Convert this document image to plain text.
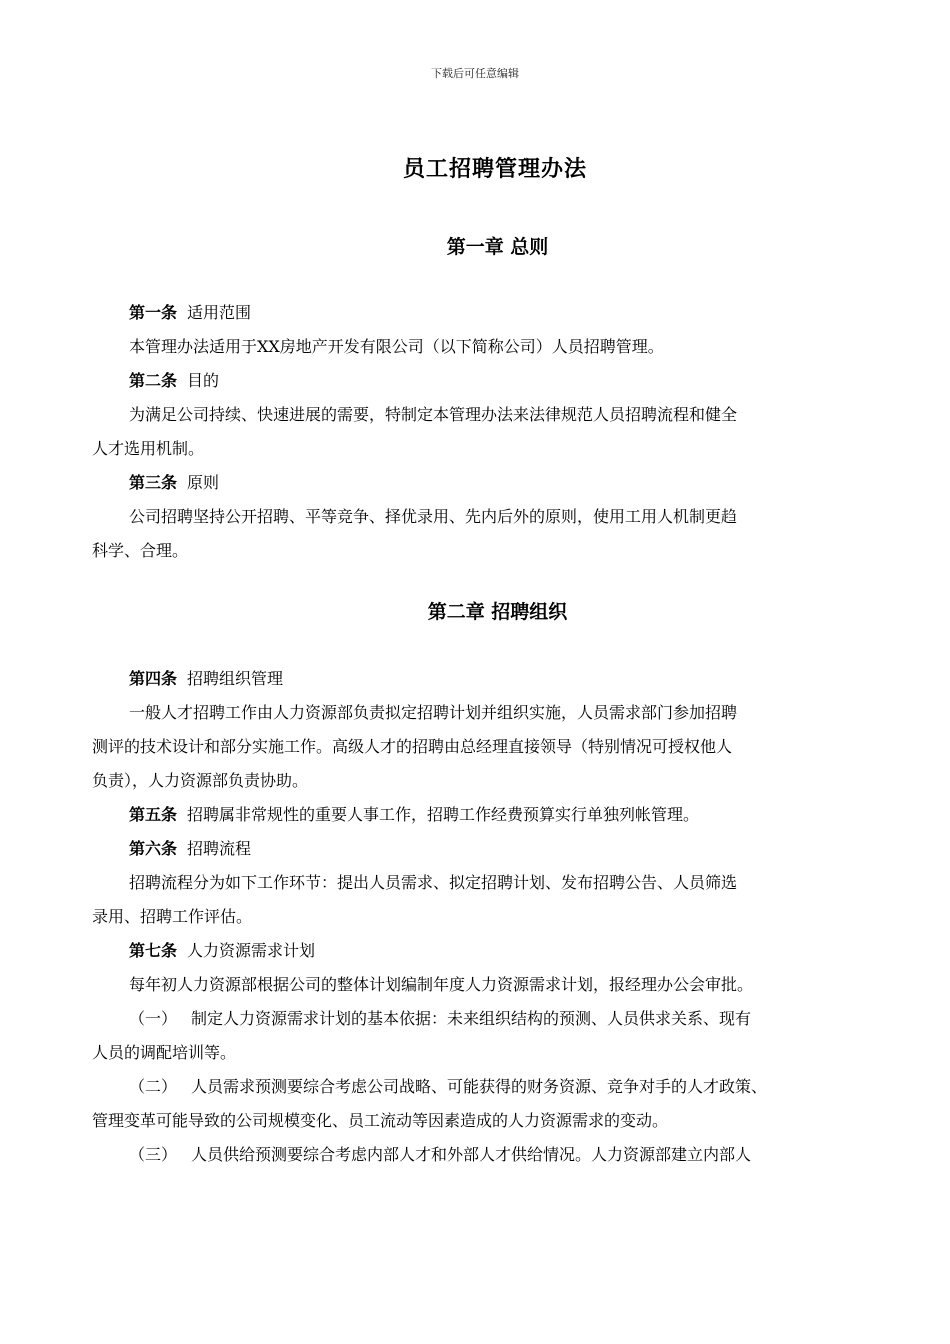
下载后可任意编辑
员工招聘管理办法
第一章 总则
第一条 适用范围
本管理办法适用于XX房地产开发有限公司（以下简称公司）人员招聘管理。
第二条 目的
为满足公司持续、快速进展的需要，特制定本管理办法来法律规范人员招聘流程和健全
人才选用机制。
第三条 原则
公司招聘坚持公开招聘、平等竞争、择优录用、先内后外的原则，使用工用人机制更趋
科学、合理。
第二章 招聘组织
第四条 招聘组织管理
一般人才招聘工作由人力资源部负责拟定招聘计划并组织实施，人员需求部门参加招聘
测评的技术设计和部分实施工作。高级人才的招聘由总经理直接领导（特别情况可授权他人
负责），人力资源部负责协助。
第五条 招聘属非常规性的重要人事工作，招聘工作经费预算实行单独列帐管理。
第六条 招聘流程
招聘流程分为如下工作环节：提出人员需求、拟定招聘计划、发布招聘公告、人员筛选
录用、招聘工作评估。
第七条 人力资源需求计划
每年初人力资源部根据公司的整体计划编制年度人力资源需求计划，报经理办公会审批。
（一） 制定人力资源需求计划的基本依据：未来组织结构的预测、人员供求关系、现有
人员的调配培训等。
（二） 人员需求预测要综合考虑公司战略、可能获得的财务资源、竞争对手的人才政策、
管理变革可能导致的公司规模变化、员工流动等因素造成的人力资源需求的变动。
（三） 人员供给预测要综合考虑内部人才和外部人才供给情况。人力资源部建立内部人
